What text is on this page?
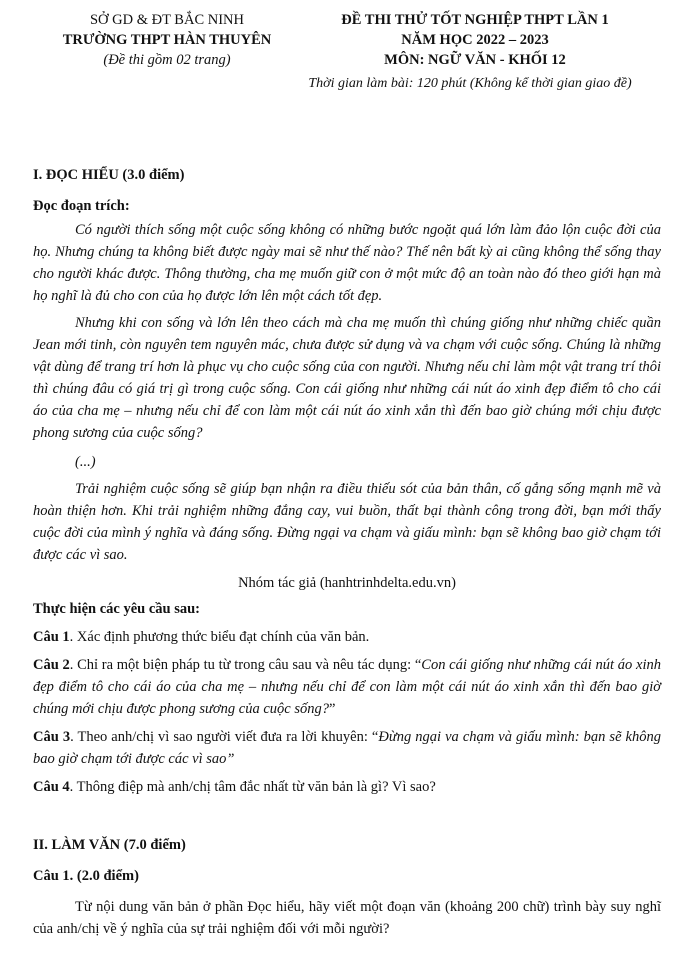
SỞ GD & ĐT BẮC NINH
TRƯỜNG THPT HÀN THUYÊN
(Đề thi gồm 02 trang)
ĐỀ THI THỬ TỐT NGHIỆP THPT LẦN 1
NĂM HỌC 2022 – 2023
MÔN: NGỮ VĂN - KHỐI 12
Thời gian làm bài: 120 phút (Không kể thời gian giao đề)

I. ĐỌC HIỂU (3.0 điểm)

Đọc đoạn trích:

Có người thích sống một cuộc sống không có những bước ngoặt quá lớn làm đảo lộn cuộc đời của họ. Nhưng chúng ta không biết được ngày mai sẽ như thế nào? Thế nên bất kỳ ai cũng không thể sống thay cho người khác được. Thông thường, cha mẹ muốn giữ con ở một mức độ an toàn nào đó theo giới hạn mà họ nghĩ là đủ cho con của họ được lớn lên một cách tốt đẹp.

Nhưng khi con sống và lớn lên theo cách mà cha mẹ muốn thì chúng giống như những chiếc quần Jean mới tinh, còn nguyên tem nguyên mác, chưa được sử dụng và va chạm với cuộc sống. Chúng là những vật dùng để trang trí hơn là phục vụ cho cuộc sống của con người. Nhưng nếu chỉ làm một vật trang trí thôi thì chúng đâu có giá trị gì trong cuộc sống. Con cái giống như những cái nút áo xinh đẹp điểm tô cho cái áo của cha mẹ – nhưng nếu chỉ để con làm một cái nút áo xinh xắn thì đến bao giờ chúng mới chịu được phong sương của cuộc sống?

(...)

Trải nghiệm cuộc sống sẽ giúp bạn nhận ra điều thiếu sót của bản thân, cố gắng sống mạnh mẽ và hoàn thiện hơn. Khi trải nghiệm những đắng cay, vui buồn, thất bại thành công trong đời, bạn mới thấy cuộc đời của mình ý nghĩa và đáng sống. Đừng ngại va chạm và giấu mình: bạn sẽ không bao giờ chạm tới được các vì sao.

Nhóm tác giả (hanhtrinhdelta.edu.vn)

Thực hiện các yêu cầu sau:

Câu 1. Xác định phương thức biểu đạt chính của văn bản.

Câu 2. Chỉ ra một biện pháp tu từ trong câu sau và nêu tác dụng: “Con cái giống như những cái nút áo xinh đẹp điểm tô cho cái áo của cha mẹ – nhưng nếu chỉ để con làm một cái nút áo xinh xắn thì đến bao giờ chúng mới chịu được phong sương của cuộc sống?”

Câu 3. Theo anh/chị vì sao người viết đưa ra lời khuyên: “Đừng ngại va chạm và giấu mình: bạn sẽ không bao giờ chạm tới được các vì sao”

Câu 4. Thông điệp mà anh/chị tâm đắc nhất từ văn bản là gì? Vì sao?

II. LÀM VĂN (7.0 điểm)

Câu 1. (2.0 điểm)

Từ nội dung văn bản ở phần Đọc hiểu, hãy viết một đoạn văn (khoảng 200 chữ) trình bày suy nghĩ của anh/chị về ý nghĩa của sự trải nghiệm đối với mỗi người?
